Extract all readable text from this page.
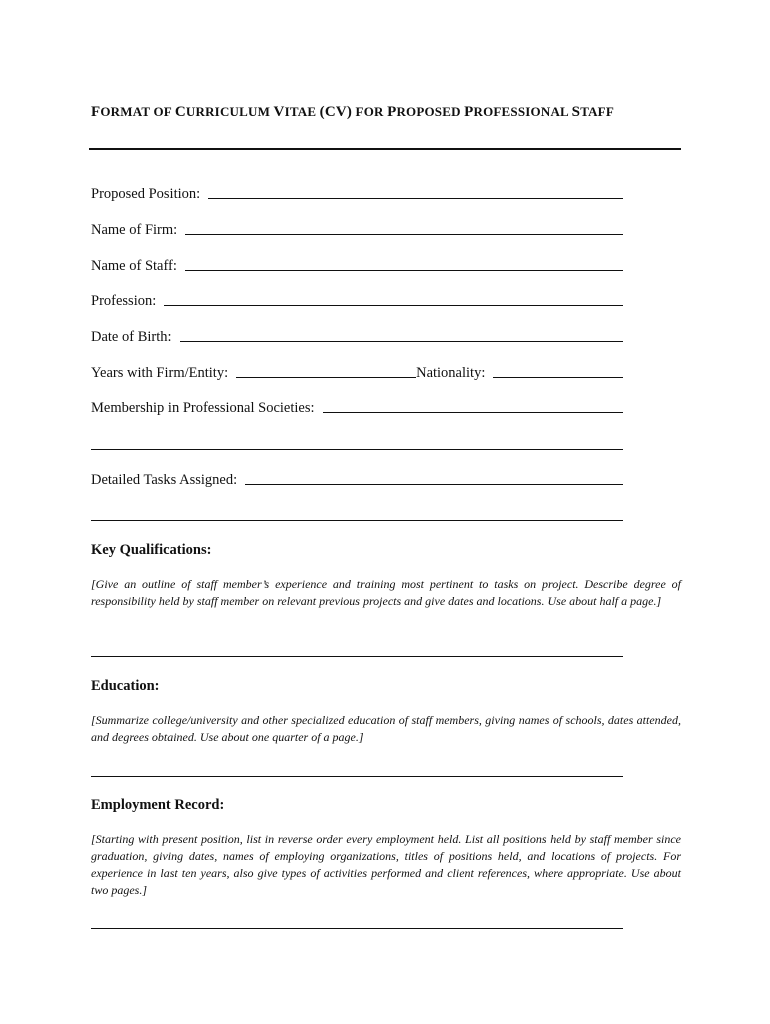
FORMAT OF CURRICULUM VITAE (CV) FOR PROPOSED PROFESSIONAL STAFF
Proposed Position:
Name of Firm:
Name of Staff:
Profession:
Date of Birth:
Years with Firm/Entity:	Nationality:
Membership in Professional Societies:
Detailed Tasks Assigned:
Key Qualifications:
[Give an outline of staff member’s experience and training most pertinent to tasks on project. Describe degree of responsibility held by staff member on relevant previous projects and give dates and locations. Use about half a page.]
Education:
[Summarize college/university and other specialized education of staff members, giving names of schools, dates attended, and degrees obtained. Use about one quarter of a page.]
Employment Record:
[Starting with present position, list in reverse order every employment held. List all positions held by staff member since graduation, giving dates, names of employing organizations, titles of positions held, and locations of projects. For experience in last ten years, also give types of activities performed and client references, where appropriate. Use about two pages.]
